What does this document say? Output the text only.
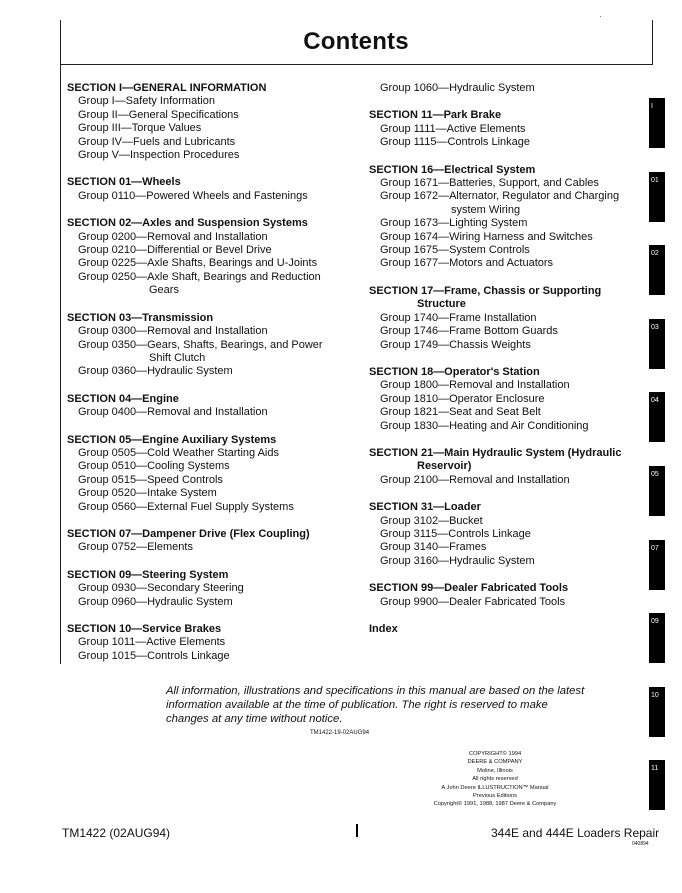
Contents
SECTION I—GENERAL INFORMATION
Group I—Safety Information
Group II—General Specifications
Group III—Torque Values
Group IV—Fuels and Lubricants
Group V—Inspection Procedures
SECTION 01—Wheels
Group 0110—Powered Wheels and Fastenings
SECTION 02—Axles and Suspension Systems
Group 0200—Removal and Installation
Group 0210—Differential or Bevel Drive
Group 0225—Axle Shafts, Bearings and U-Joints
Group 0250—Axle Shaft, Bearings and Reduction
Gears
SECTION 03—Transmission
Group 0300—Removal and Installation
Group 0350—Gears, Shafts, Bearings, and Power
Shift Clutch
Group 0360—Hydraulic System
SECTION 04—Engine
Group 0400—Removal and Installation
SECTION 05—Engine Auxiliary Systems
Group 0505—Cold Weather Starting Aids
Group 0510—Cooling Systems
Group 0515—Speed Controls
Group 0520—Intake System
Group 0560—External Fuel Supply Systems
SECTION 07—Dampener Drive (Flex Coupling)
Group 0752—Elements
SECTION 09—Steering System
Group 0930—Secondary Steering
Group 0960—Hydraulic System
SECTION 10—Service Brakes
Group 1011—Active Elements
Group 1015—Controls Linkage
Group 1060—Hydraulic System
SECTION 11—Park Brake
Group 1111—Active Elements
Group 1115—Controls Linkage
SECTION 16—Electrical System
Group 1671—Batteries, Support, and Cables
Group 1672—Alternator, Regulator and Charging
system Wiring
Group 1673—Lighting System
Group 1674—Wiring Harness and Switches
Group 1675—System Controls
Group 1677—Motors and Actuators
SECTION 17—Frame, Chassis or Supporting
Structure
Group 1740—Frame Installation
Group 1746—Frame Bottom Guards
Group 1749—Chassis Weights
SECTION 18—Operator's Station
Group 1800—Removal and Installation
Group 1810—Operator Enclosure
Group 1821—Seat and Seat Belt
Group 1830—Heating and Air Conditioning
SECTION 21—Main Hydraulic System (Hydraulic
Reservoir)
Group 2100—Removal and Installation
SECTION 31—Loader
Group 3102—Bucket
Group 3115—Controls Linkage
Group 3140—Frames
Group 3160—Hydraulic System
SECTION 99—Dealer Fabricated Tools
Group 9900—Dealer Fabricated Tools
Index
I
01
02
03
04
05
07
09
10
11
All information, illustrations and specifications in this manual are based on the latest information available at the time of publication. The right is reserved to make changes at any time without notice.
TM1422-19-02AUG94
COPYRIGHT© 1994
DEERE & COMPANY
Moline, Illinois
All rights reserved
A John Deere ILLUSTRUCTION™ Manual
Previous Editions
Copyright© 1991, 1988, 1987 Deere & Company
TM1422 (02AUG94)	344E and 444E Loaders Repair
040894
